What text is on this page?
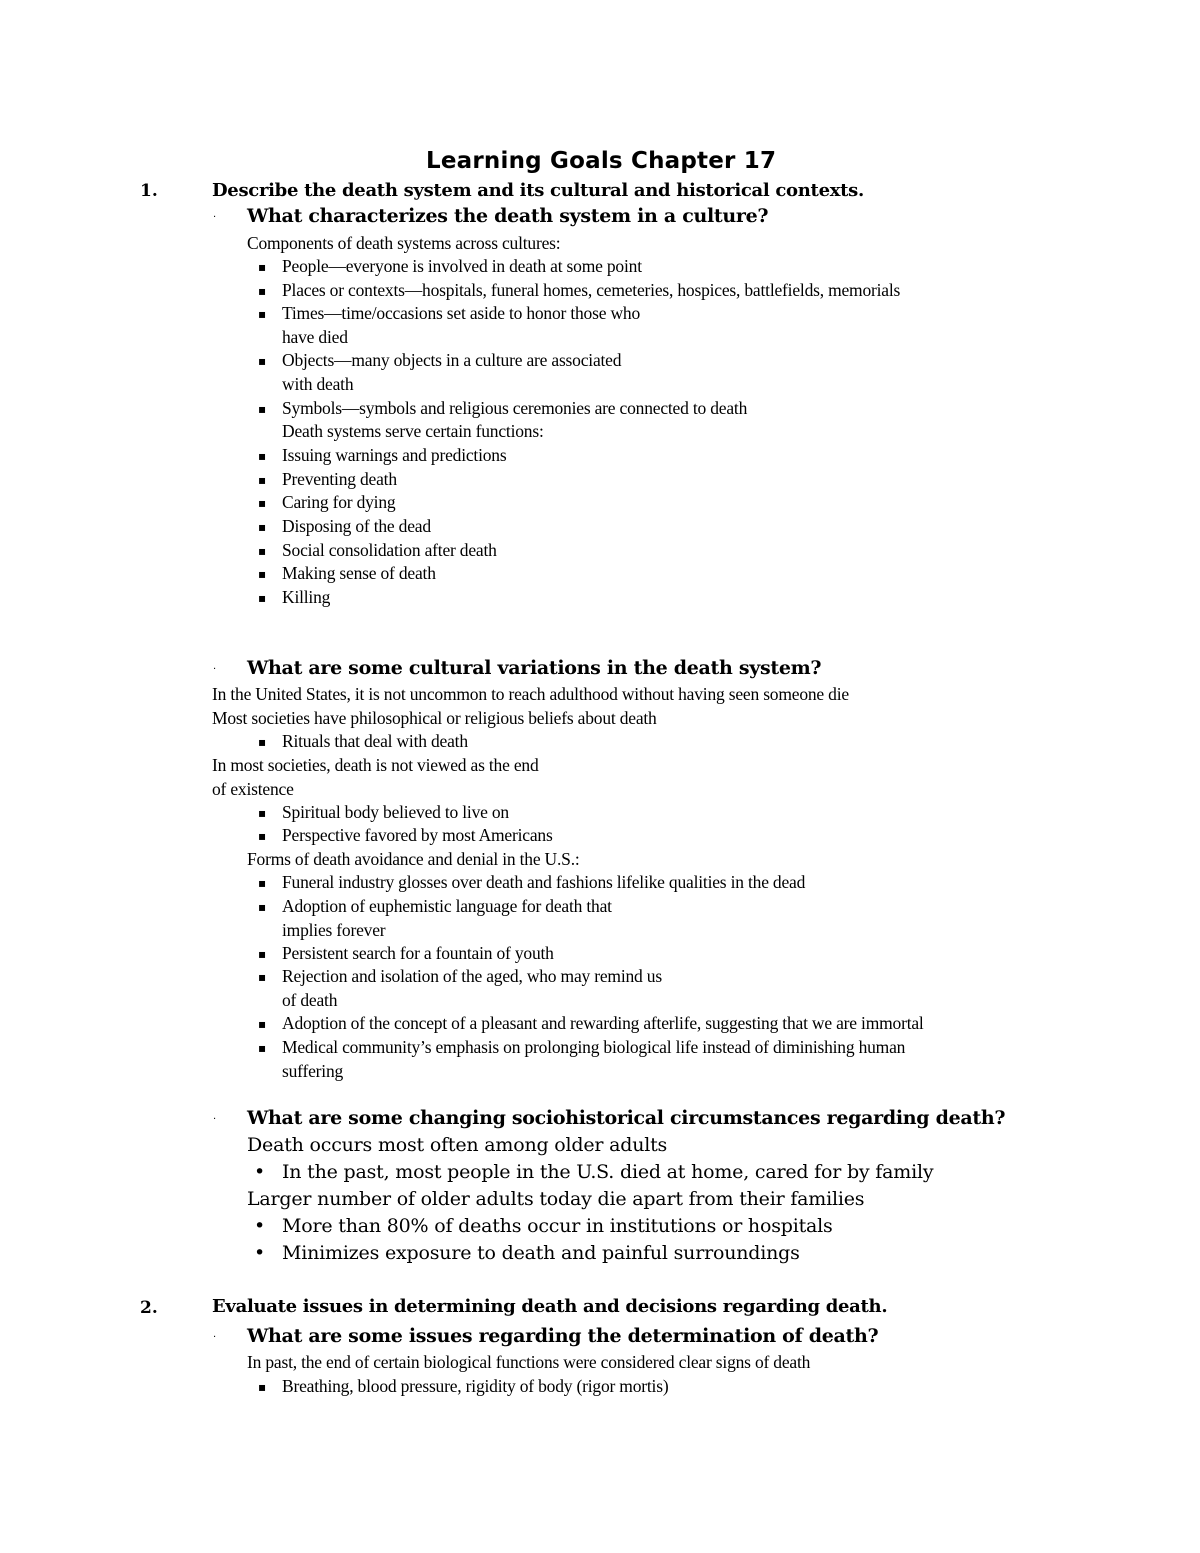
Learning Goals Chapter 17
1.	Describe the death system and its cultural and historical contexts.
· What characterizes the death system in a culture?
Components of death systems across cultures:
▪ People—everyone is involved in death at some point
▪ Places or contexts—hospitals, funeral homes, cemeteries, hospices, battlefields, memorials
▪ Times—time/occasions set aside to honor those who
have died
▪ Objects—many objects in a culture are associated
with death
▪ Symbols—symbols and religious ceremonies are connected to death
Death systems serve certain functions:
▪ Issuing warnings and predictions
▪ Preventing death
▪ Caring for dying
▪ Disposing of the dead
▪ Social consolidation after death
▪ Making sense of death
▪ Killing
· What are some cultural variations in the death system?
In the United States, it is not uncommon to reach adulthood without having seen someone die
Most societies have philosophical or religious beliefs about death
▪ Rituals that deal with death
In most societies, death is not viewed as the end
of existence
▪ Spiritual body believed to live on
▪ Perspective favored by most Americans
Forms of death avoidance and denial in the U.S.:
▪ Funeral industry glosses over death and fashions lifelike qualities in the dead
▪ Adoption of euphemistic language for death that
implies forever
▪ Persistent search for a fountain of youth
▪ Rejection and isolation of the aged, who may remind us
of death
▪ Adoption of the concept of a pleasant and rewarding afterlife, suggesting that we are immortal
▪ Medical community’s emphasis on prolonging biological life instead of diminishing human
suffering
· What are some changing sociohistorical circumstances regarding death?
Death occurs most often among older adults
• In the past, most people in the U.S. died at home, cared for by family
Larger number of older adults today die apart from their families
• More than 80% of deaths occur in institutions or hospitals
• Minimizes exposure to death and painful surroundings
2.	Evaluate issues in determining death and decisions regarding death.
· What are some issues regarding the determination of death?
In past, the end of certain biological functions were considered clear signs of death
▪ Breathing, blood pressure, rigidity of body (rigor mortis)
